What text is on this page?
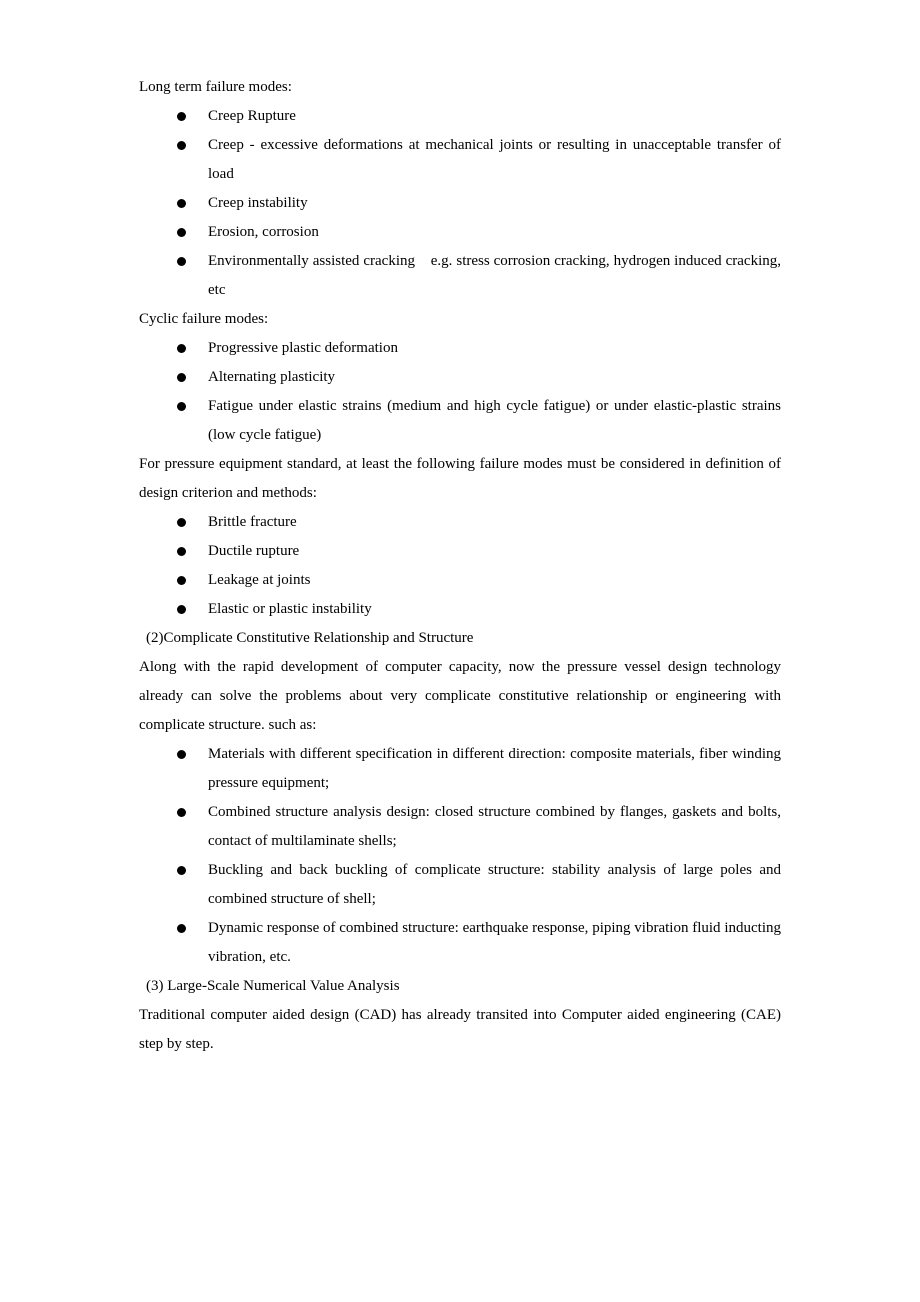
Long term failure modes:

Creep Rupture
Creep - excessive deformations at mechanical joints or resulting in unacceptable transfer of load
Creep instability
Erosion, corrosion
Environmentally assisted cracking    e.g. stress corrosion cracking, hydrogen induced cracking, etc

Cyclic failure modes:

Progressive plastic deformation
Alternating plasticity
Fatigue under elastic strains (medium and high cycle fatigue) or under elastic-plastic strains (low cycle fatigue)

For pressure equipment standard, at least the following failure modes must be considered in definition of design criterion and methods:

Brittle fracture
Ductile rupture
Leakage at joints
Elastic or plastic instability

(2)Complicate Constitutive Relationship and Structure

Along with the rapid development of computer capacity, now the pressure vessel design technology already can solve the problems about very complicate constitutive relationship or engineering with complicate structure. such as:

Materials with different specification in different direction: composite materials, fiber winding pressure equipment;
Combined structure analysis design: closed structure combined by flanges, gaskets and bolts, contact of multilaminate shells;
Buckling and back buckling of complicate structure: stability analysis of large poles and combined structure of shell;
Dynamic response of combined structure: earthquake response, piping vibration fluid inducting vibration, etc.

(3) Large-Scale Numerical Value Analysis

Traditional computer aided design (CAD) has already transited into Computer aided engineering (CAE) step by step.
